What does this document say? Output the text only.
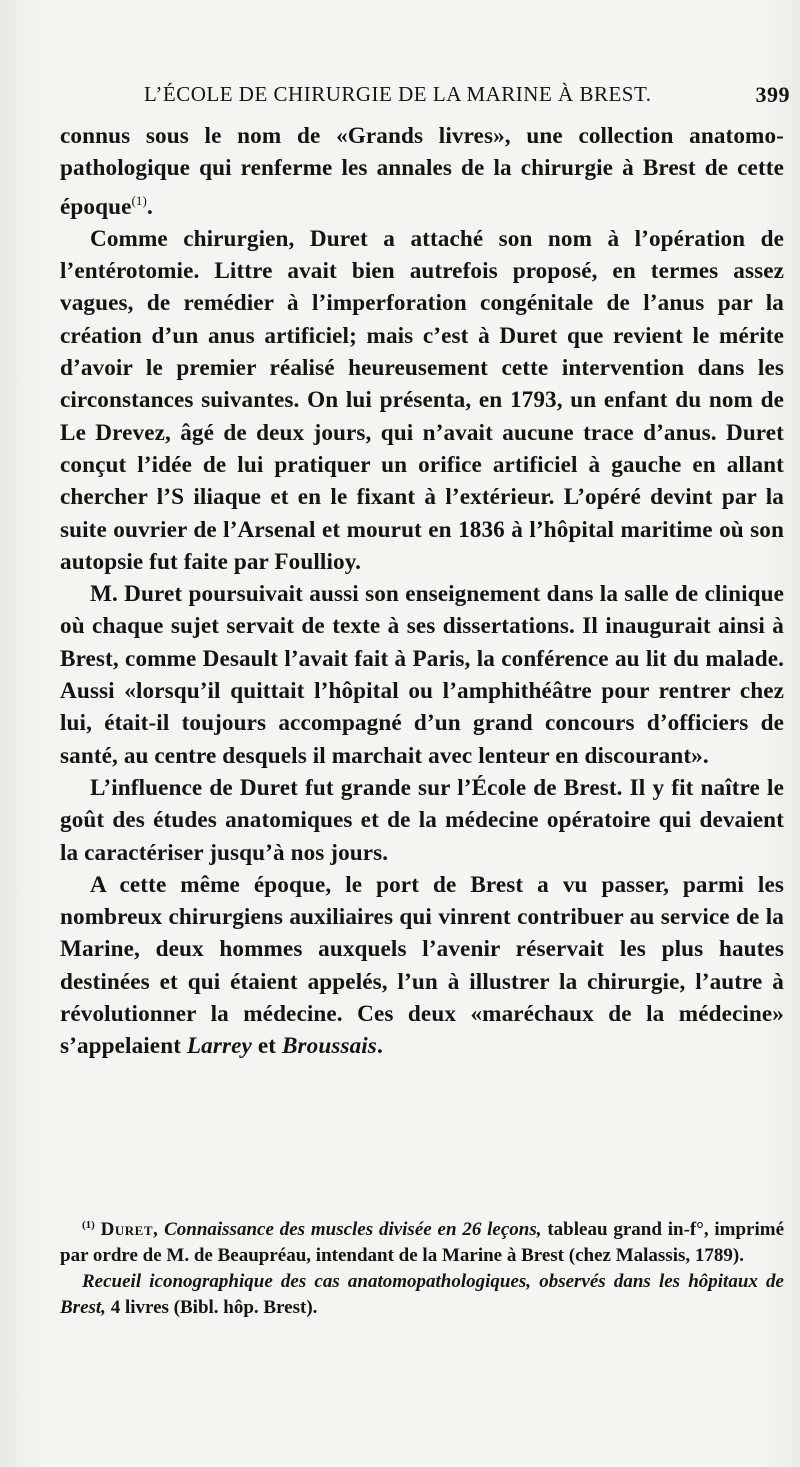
L’ÉCOLE DE CHIRURGIE DE LA MARINE À BREST.	399

connus sous le nom de «Grands livres», une collection anatomo-pathologique qui renferme les annales de la chirurgie à Brest de cette époque$^{(1)}$.

Comme chirurgien, Duret a attaché son nom à l’opération de l’entérotomie. Littre avait bien autrefois proposé, en termes assez vagues, de remédier à l’imperforation congénitale de l’anus par la création d’un anus artificiel; mais c’est à Duret que revient le mérite d’avoir le premier réalisé heureusement cette intervention dans les circonstances suivantes. On lui présenta, en 1793, un enfant du nom de Le Drevez, âgé de deux jours, qui n’avait aucune trace d’anus. Duret conçut l’idée de lui pratiquer un orifice artificiel à gauche en allant chercher l’S iliaque et en le fixant à l’extérieur. L’opéré devint par la suite ouvrier de l’Arsenal et mourut en 1836 à l’hôpital maritime où son autopsie fut faite par Foullioy.

M. Duret poursuivait aussi son enseignement dans la salle de clinique où chaque sujet servait de texte à ses dissertations. Il inaugurait ainsi à Brest, comme Desault l’avait fait à Paris, la conférence au lit du malade. Aussi «lorsqu’il quittait l’hôpital ou l’amphithéâtre pour rentrer chez lui, était-il toujours accompagné d’un grand concours d’officiers de santé, au centre desquels il marchait avec lenteur en discourant».

L’influence de Duret fut grande sur l’École de Brest. Il y fit naître le goût des études anatomiques et de la médecine opératoire qui devaient la caractériser jusqu’à nos jours.

A cette même époque, le port de Brest a vu passer, parmi les nombreux chirurgiens auxiliaires qui vinrent contribuer au service de la Marine, deux hommes auxquels l’avenir réservait les plus hautes destinées et qui étaient appelés, l’un à illustrer la chirurgie, l’autre à révolutionner la médecine. Ces deux «maréchaux de la médecine» s’appelaient Larrey et Broussais.

$^{(1)}$ Duret, Connaissance des muscles divisée en 26 leçons, tableau grand in-f°, imprimé par ordre de M. de Beaupréau, intendant de la Marine à Brest (chez Malassis, 1789).

Recueil iconographique des cas anatomopathologiques, observés dans les hôpitaux de Brest, 4 livres (Bibl. hôp. Brest).
